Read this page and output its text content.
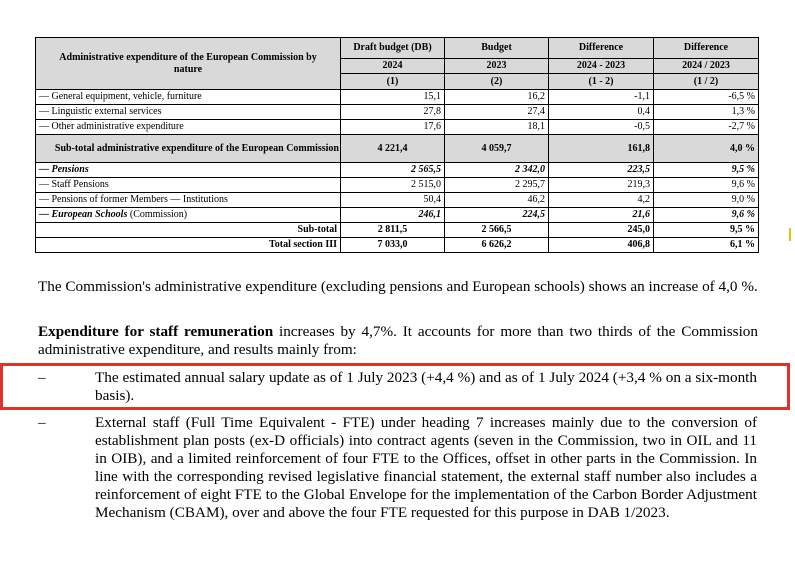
Administrative expenditure of the European Commission by nature	Draft budget (DB)	Budget	Difference	Difference
	2024	2023	2024 - 2023	2024 / 2023
	(1)	(2)	(1 - 2)	(1 / 2)
— General equipment, vehicle, furniture	15,1	16,2	-1,1	-6,5 %
— Linguistic external services	27,8	27,4	0,4	1,3 %
— Other administrative expenditure	17,6	18,1	-0,5	-2,7 %
Sub-total administrative expenditure of the European Commission	4 221,4	4 059,7	161,8	4,0 %
— Pensions	2 565,5	2 342,0	223,5	9,5 %
— Staff Pensions	2 515,0	2 295,7	219,3	9,6 %
— Pensions of former Members — Institutions	50,4	46,2	4,2	9,0 %
— European Schools (Commission)	246,1	224,5	21,6	9,6 %
Sub-total	2 811,5	2 566,5	245,0	9,5 %
Total section III	7 033,0	6 626,2	406,8	6,1 %
The Commission's administrative expenditure (excluding pensions and European schools) shows an increase of 4,0 %.
Expenditure for staff remuneration increases by 4,7%. It accounts for more than two thirds of the Commission administrative expenditure, and results mainly from:
–	The estimated annual salary update as of 1 July 2023 (+4,4 %) and as of 1 July 2024 (+3,4 % on a six-month basis).
–	External staff (Full Time Equivalent - FTE) under heading 7 increases mainly due to the conversion of establishment plan posts (ex-D officials) into contract agents (seven in the Commission, two in OIL and 11 in OIB), and a limited reinforcement of four FTE to the Offices, offset in other parts in the Commission. In line with the corresponding revised legislative financial statement, the external staff number also includes a reinforcement of eight FTE to the Global Envelope for the implementation of the Carbon Border Adjustment Mechanism (CBAM), over and above the four FTE requested for this purpose in DAB 1/2023.
